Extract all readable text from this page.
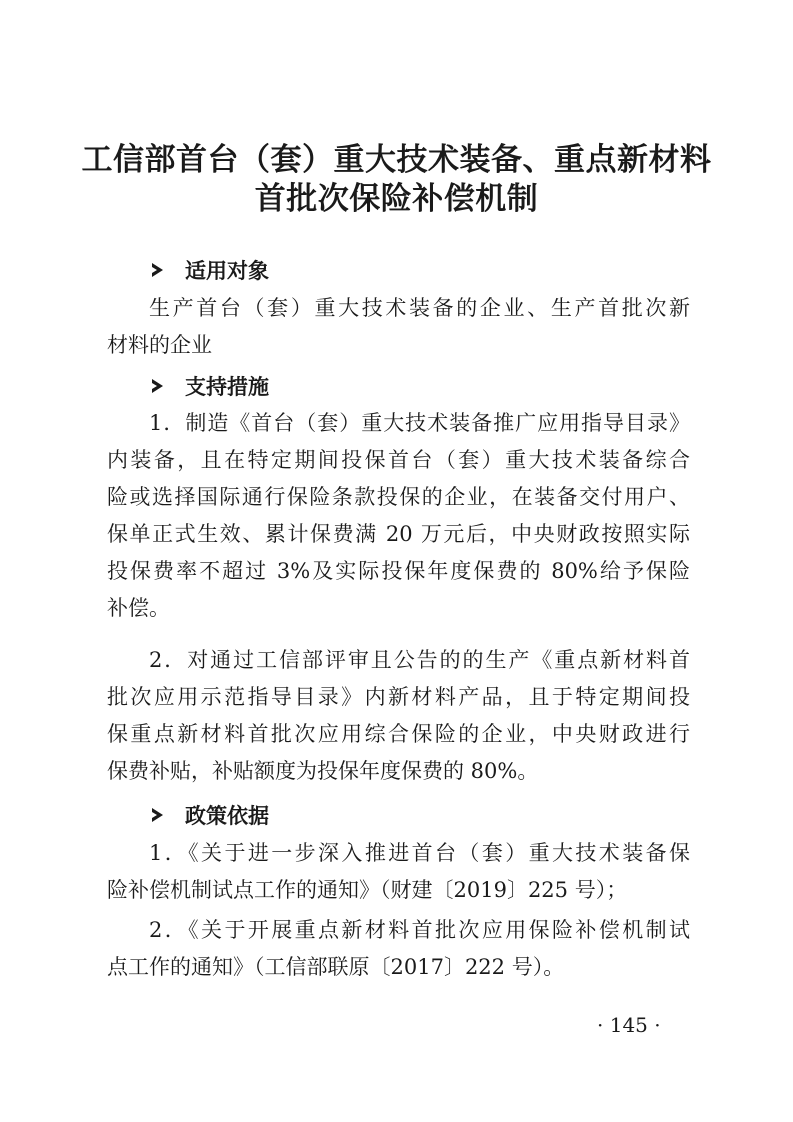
工信部首台（套）重大技术装备、重点新材料
首批次保险补偿机制
适用对象
生产首台（套）重大技术装备的企业、生产首批次新
材料的企业
支持措施
1．制造《首台（套）重大技术装备推广应用指导目录》
内装备，且在特定期间投保首台（套）重大技术装备综合
险或选择国际通行保险条款投保的企业，在装备交付用户、
保单正式生效、累计保费满 20 万元后，中央财政按照实际
投保费率不超过 3%及实际投保年度保费的 80%给予保险
补偿。
2．对通过工信部评审且公告的的生产《重点新材料首
批次应用示范指导目录》内新材料产品，且于特定期间投
保重点新材料首批次应用综合保险的企业，中央财政进行
保费补贴，补贴额度为投保年度保费的 80%。
政策依据
1．《关于进一步深入推进首台（套）重大技术装备保
险补偿机制试点工作的通知》（财建〔2019〕225 号）；
2．《关于开展重点新材料首批次应用保险补偿机制试
点工作的通知》（工信部联原〔2017〕222 号）。
· 145 ·
